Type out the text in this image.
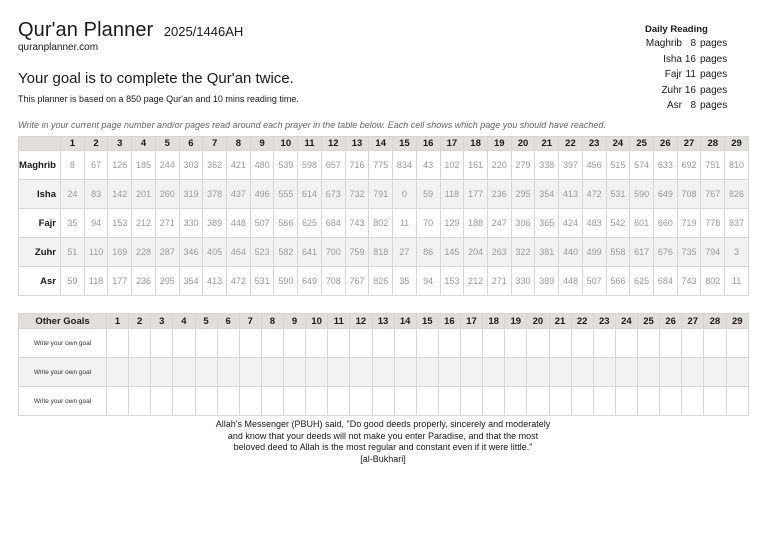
Qur'an Planner 2025/1446AH
quranplanner.com
Your goal is to complete the Qur'an twice.
This planner is based on a 850 page Qur'an and 10 mins reading time.
Daily Reading
Maghrib 8 pages
Isha 16 pages
Fajr 11 pages
Zuhr 16 pages
Asr 8 pages
Write in your current page number and/or pages read around each prayer in the table below. Each cell shows which page you should have reached.
	1	2	3	4	5	6	7	8	9	10	11	12	13	14	15	16	17	18	19	20	21	22	23	24	25	26	27	28	29
Maghrib	8	67	126	185	244	303	362	421	480	539	598	657	716	775	834	43	102	161	220	279	338	397	456	515	574	633	692	751	810
Isha	24	83	142	201	260	319	378	437	496	555	614	673	732	791	0	59	118	177	236	295	354	413	472	531	590	649	708	767	826
Fajr	35	94	153	212	271	330	389	448	507	566	625	684	743	802	11	70	129	188	247	306	365	424	483	542	601	660	719	778	837
Zuhr	51	110	169	228	287	346	405	464	523	582	641	700	759	818	27	86	145	204	263	322	381	440	499	558	617	676	735	794	3
Asr	59	118	177	236	295	354	413	472	531	590	649	708	767	826	35	94	153	212	271	330	389	448	507	566	625	684	743	802	11
Other Goals	1	2	3	4	5	6	7	8	9	10	11	12	13	14	15	16	17	18	19	20	21	22	23	24	25	26	27	28	29
Write your own goal																													
Write your own goal																													
Write your own goal																													
Allah's Messenger (PBUH) said, "Do good deeds properly, sincerely and moderately
and know that your deeds will not make you enter Paradise, and that the most
beloved deed to Allah is the most regular and constant even if it were little."
[al-Bukhari]
